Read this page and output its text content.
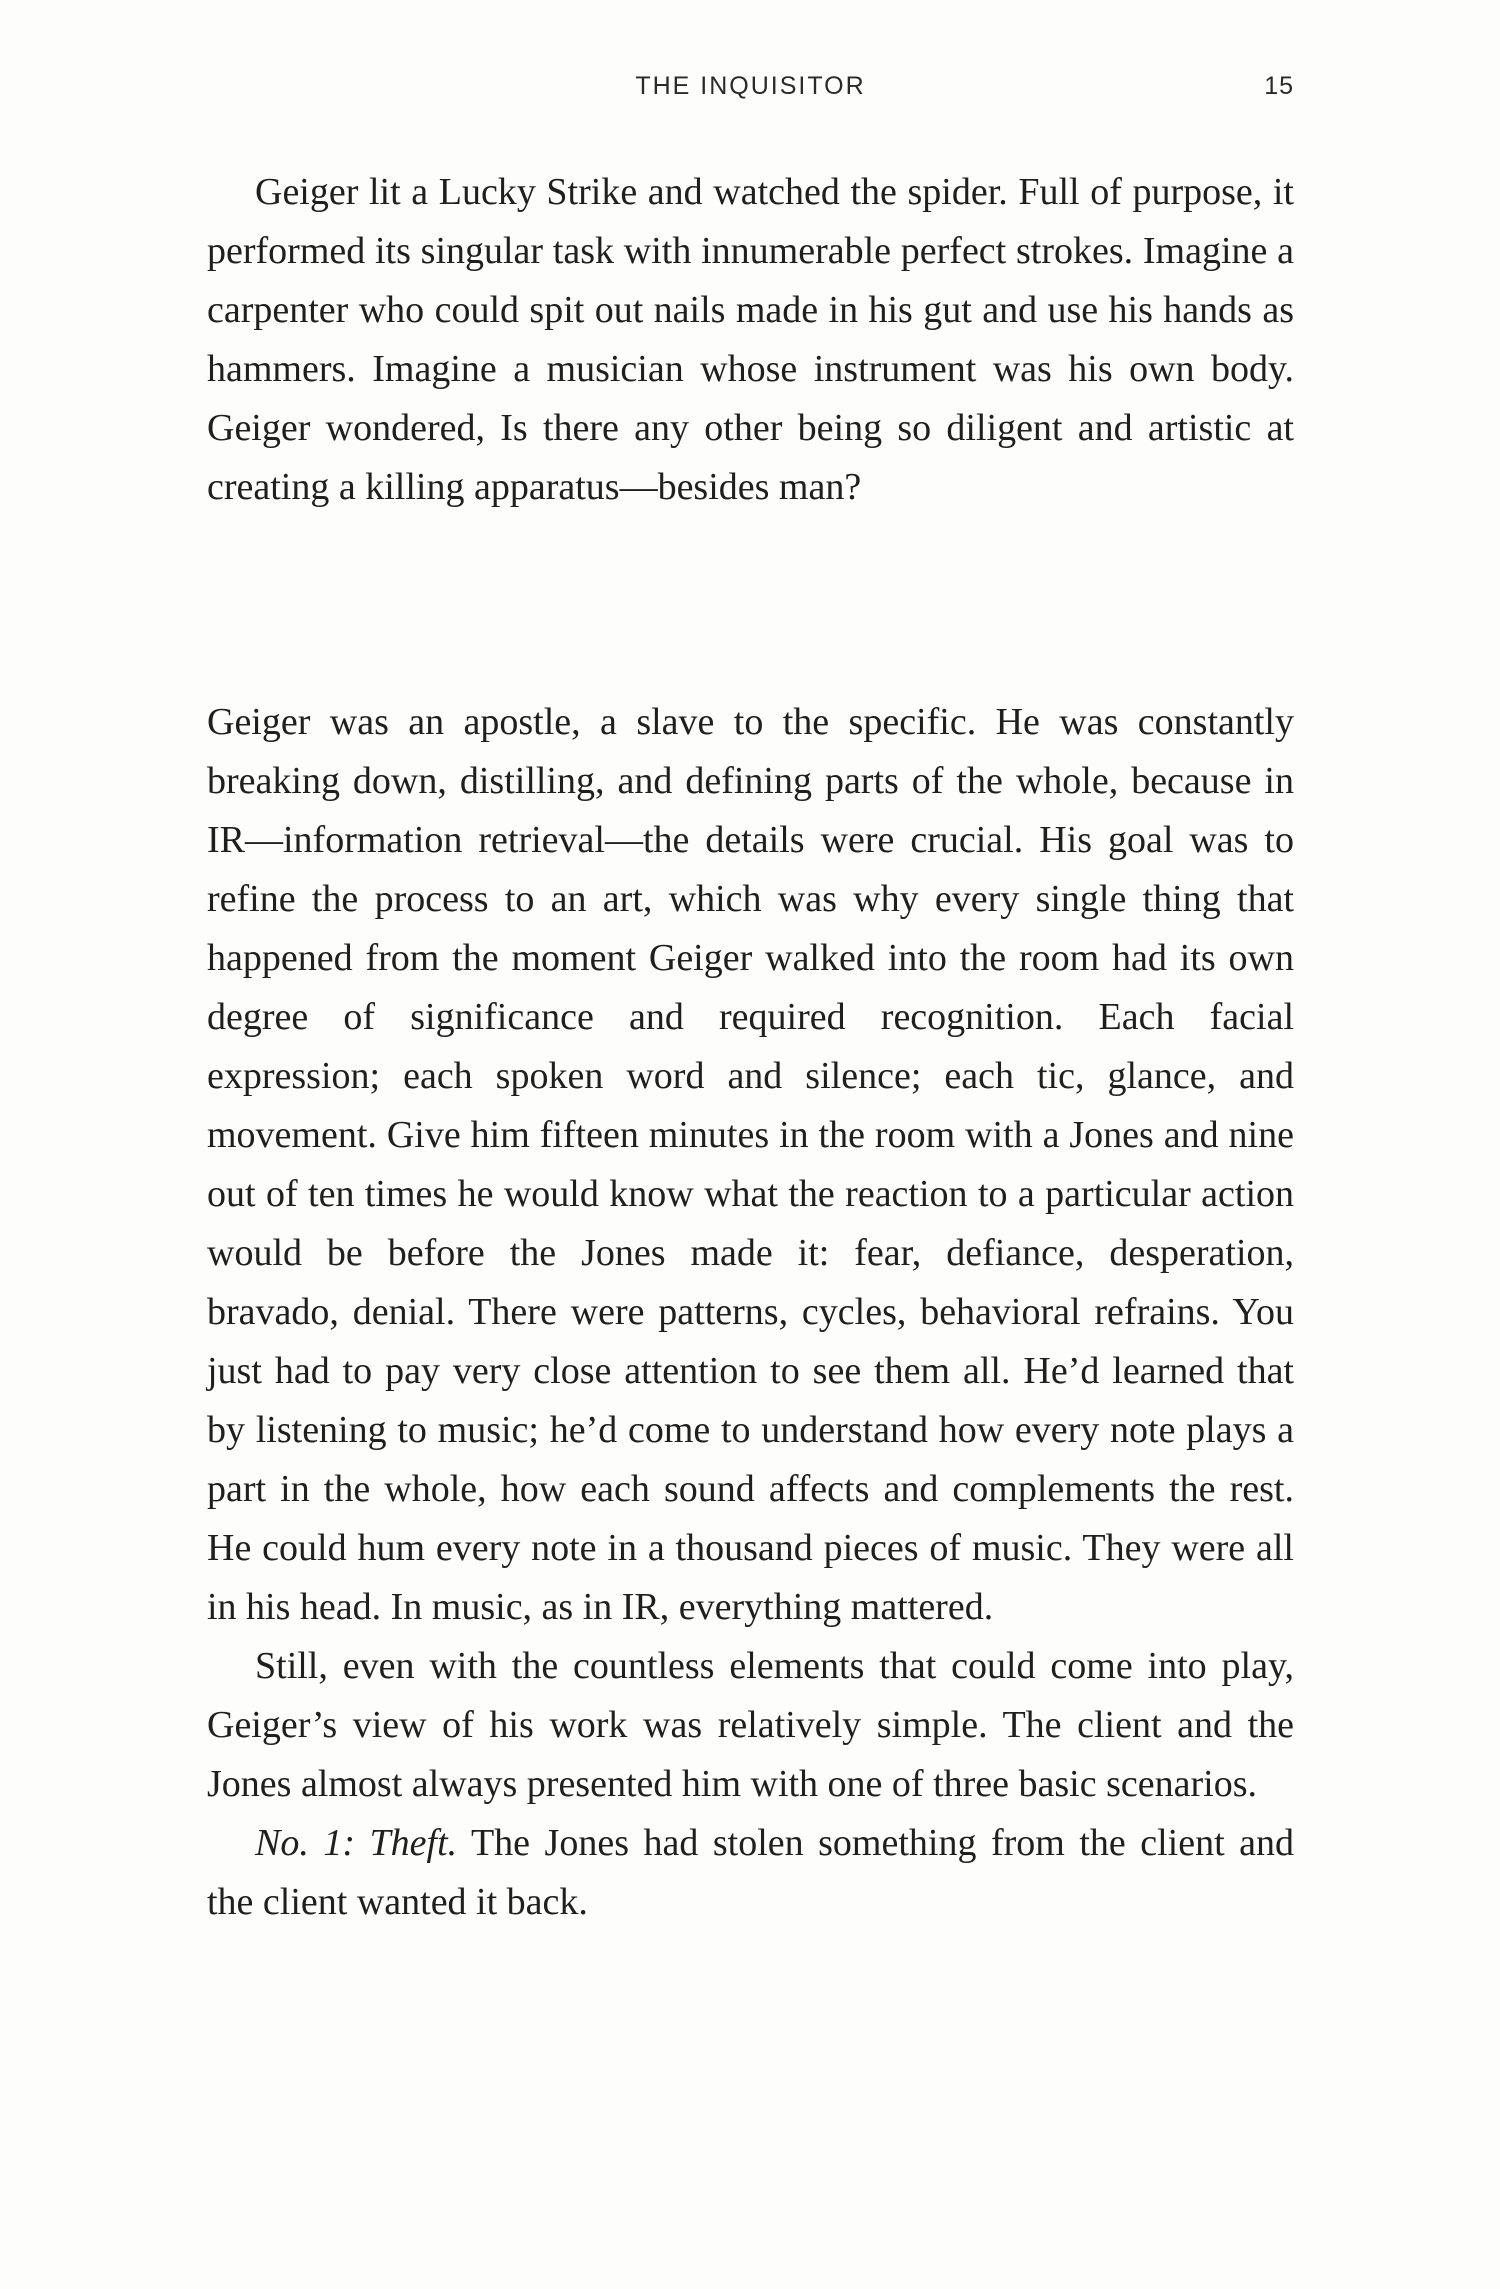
THE INQUISITOR	15

Geiger lit a Lucky Strike and watched the spider. Full of purpose, it performed its singular task with innumerable perfect strokes. Imagine a carpenter who could spit out nails made in his gut and use his hands as hammers. Imagine a musician whose instrument was his own body. Geiger wondered, Is there any other being so diligent and artistic at creating a killing apparatus—besides man?

Geiger was an apostle, a slave to the specific. He was constantly breaking down, distilling, and defining parts of the whole, because in IR—information retrieval—the details were crucial. His goal was to refine the process to an art, which was why every single thing that happened from the moment Geiger walked into the room had its own degree of significance and required recognition. Each facial expression; each spoken word and silence; each tic, glance, and movement. Give him fifteen minutes in the room with a Jones and nine out of ten times he would know what the reaction to a particular action would be before the Jones made it: fear, defiance, desperation, bravado, denial. There were patterns, cycles, behavioral refrains. You just had to pay very close attention to see them all. He’d learned that by listening to music; he’d come to understand how every note plays a part in the whole, how each sound affects and complements the rest. He could hum every note in a thousand pieces of music. They were all in his head. In music, as in IR, everything mattered.

Still, even with the countless elements that could come into play, Geiger’s view of his work was relatively simple. The client and the Jones almost always presented him with one of three basic scenarios.

No. 1: Theft. The Jones had stolen something from the client and the client wanted it back.
